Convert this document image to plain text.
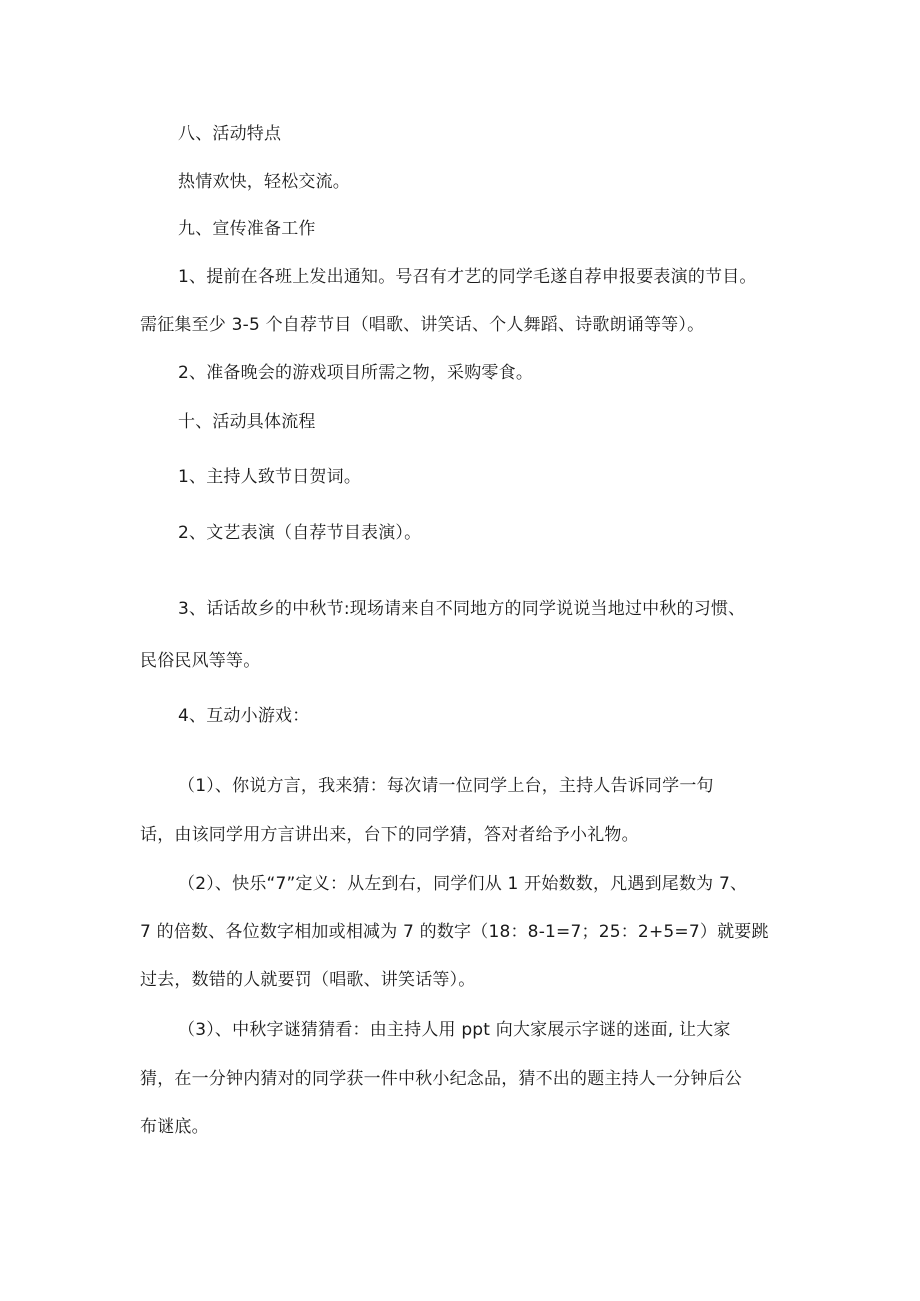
八、活动特点
热情欢快，轻松交流。
九、宣传准备工作
1、提前在各班上发出通知。号召有才艺的同学毛遂自荐申报要表演的节目。
需征集至少 3-5 个自荐节目（唱歌、讲笑话、个人舞蹈、诗歌朗诵等等）。
2、准备晚会的游戏项目所需之物，采购零食。
十、活动具体流程
1、主持人致节日贺词。
2、文艺表演（自荐节目表演）。
3、话话故乡的中秋节:现场请来自不同地方的同学说说当地过中秋的习惯、
民俗民风等等。
4、互动小游戏：
（1）、你说方言，我来猜：每次请一位同学上台，主持人告诉同学一句
话，由该同学用方言讲出来，台下的同学猜，答对者给予小礼物。
（2）、快乐“7”定义：从左到右，同学们从 1 开始数数，凡遇到尾数为 7、
7 的倍数、各位数字相加或相减为 7 的数字（18：8-1=7；25：2+5=7）就要跳
过去，数错的人就要罚（唱歌、讲笑话等）。
（3）、中秋字谜猜猜看：由主持人用 ppt 向大家展示字谜的迷面, 让大家
猜，在一分钟内猜对的同学获一件中秋小纪念品，猜不出的题主持人一分钟后公
布谜底。
